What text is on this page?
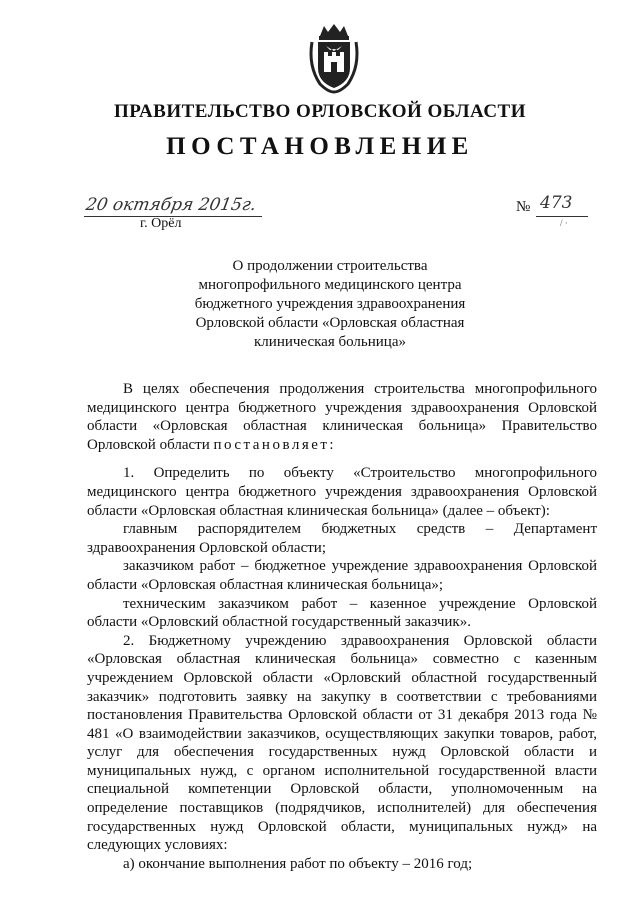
ПРАВИТЕЛЬСТВО ОРЛОВСКОЙ ОБЛАСТИ
ПОСТАНОВЛЕНИЕ
20 октября 2015г.
г. Орёл
№ 473
/ ·
О продолжении строительства
многопрофильного медицинского центра
бюджетного учреждения здравоохранения
Орловской области «Орловская областная
клиническая больница»

В целях обеспечения продолжения строительства многопрофильного медицинского центра бюджетного учреждения здравоохранения Орловской области «Орловская областная клиническая больница» Правительство Орловской области постановляет:

1. Определить по объекту «Строительство многопрофильного медицинского центра бюджетного учреждения здравоохранения Орловской области «Орловская областная клиническая больница» (далее – объект):

главным распорядителем бюджетных средств – Департамент здравоохранения Орловской области;

заказчиком работ – бюджетное учреждение здравоохранения Орловской области «Орловская областная клиническая больница»;

техническим заказчиком работ – казенное учреждение Орловской области «Орловский областной государственный заказчик».

2. Бюджетному учреждению здравоохранения Орловской области «Орловская областная клиническая больница» совместно с казенным учреждением Орловской области «Орловский областной государственный заказчик» подготовить заявку на закупку в соответствии с требованиями постановления Правительства Орловской области от 31 декабря 2013 года № 481 «О взаимодействии заказчиков, осуществляющих закупки товаров, работ, услуг для обеспечения государственных нужд Орловской области и муниципальных нужд, с органом исполнительной государственной власти специальной компетенции Орловской области, уполномоченным на определение поставщиков (подрядчиков, исполнителей) для обеспечения государственных нужд Орловской области, муниципальных нужд» на следующих условиях:

а) окончание выполнения работ по объекту – 2016 год;
